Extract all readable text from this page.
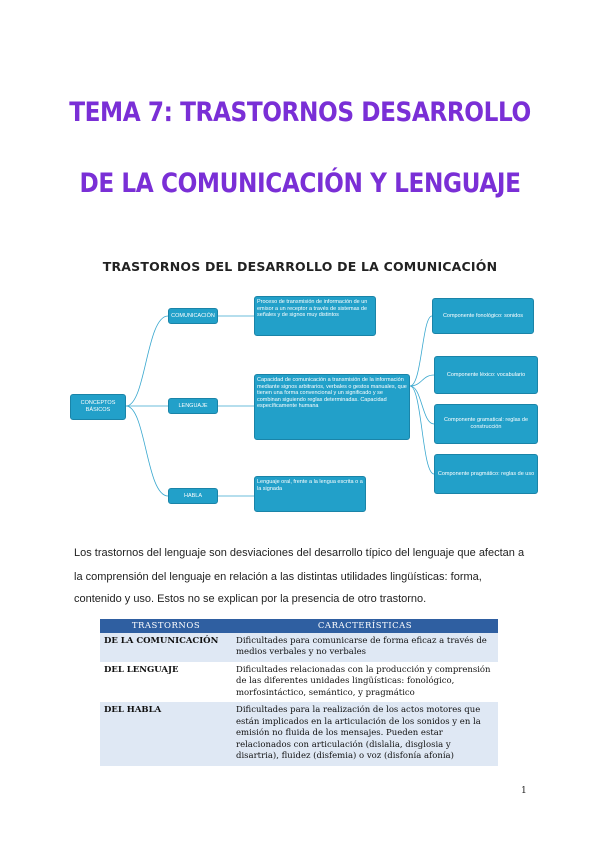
TEMA 7: TRASTORNOS DESARROLLO
DE LA COMUNICACIÓN Y LENGUAJE
TRASTORNOS DEL DESARROLLO DE LA COMUNICACIÓN
CONCEPTOS BÁSICOS
COMUNICACIÓN
LENGUAJE
HABLA
Proceso de transmisión de información de un emisor a un receptor a través de sistemas de señales y de signos muy distintos
Capacidad de comunicación a transmisión de la información mediante signos arbitrarios, verbales o gestos manuales, que tienen una forma convencional y un significado y se combinan siguiendo reglas determinadas. Capacidad específicamente humana
Lenguaje oral, frente a la lengua escrita o a la signada
Componente fonológico: sonidos
Componente léxico: vocabulario
Componente gramatical: reglas de construcción
Componente pragmático: reglas de uso
Los trastornos del lenguaje son desviaciones del desarrollo típico del lenguaje que afectan a
la comprensión del lenguaje en relación a las distintas utilidades lingüísticas: forma,
contenido y uso. Estos no se explican por la presencia de otro trastorno.
TRASTORNOS	CARACTERÍSTICAS
DE LA COMUNICACIÓN	Dificultades para comunicarse de forma eficaz a través de medios verbales y no verbales
DEL LENGUAJE	Dificultades relacionadas con la producción y comprensión de las diferentes unidades lingüísticas: fonológico, morfosintáctico, semántico, y pragmático
DEL HABLA	Dificultades para la realización de los actos motores que están implicados en la articulación de los sonidos y en la emisión no fluida de los mensajes. Pueden estar relacionados con articulación (dislalia, disglosia y disartria), fluidez (disfemia) o voz (disfonía afonía)
1
